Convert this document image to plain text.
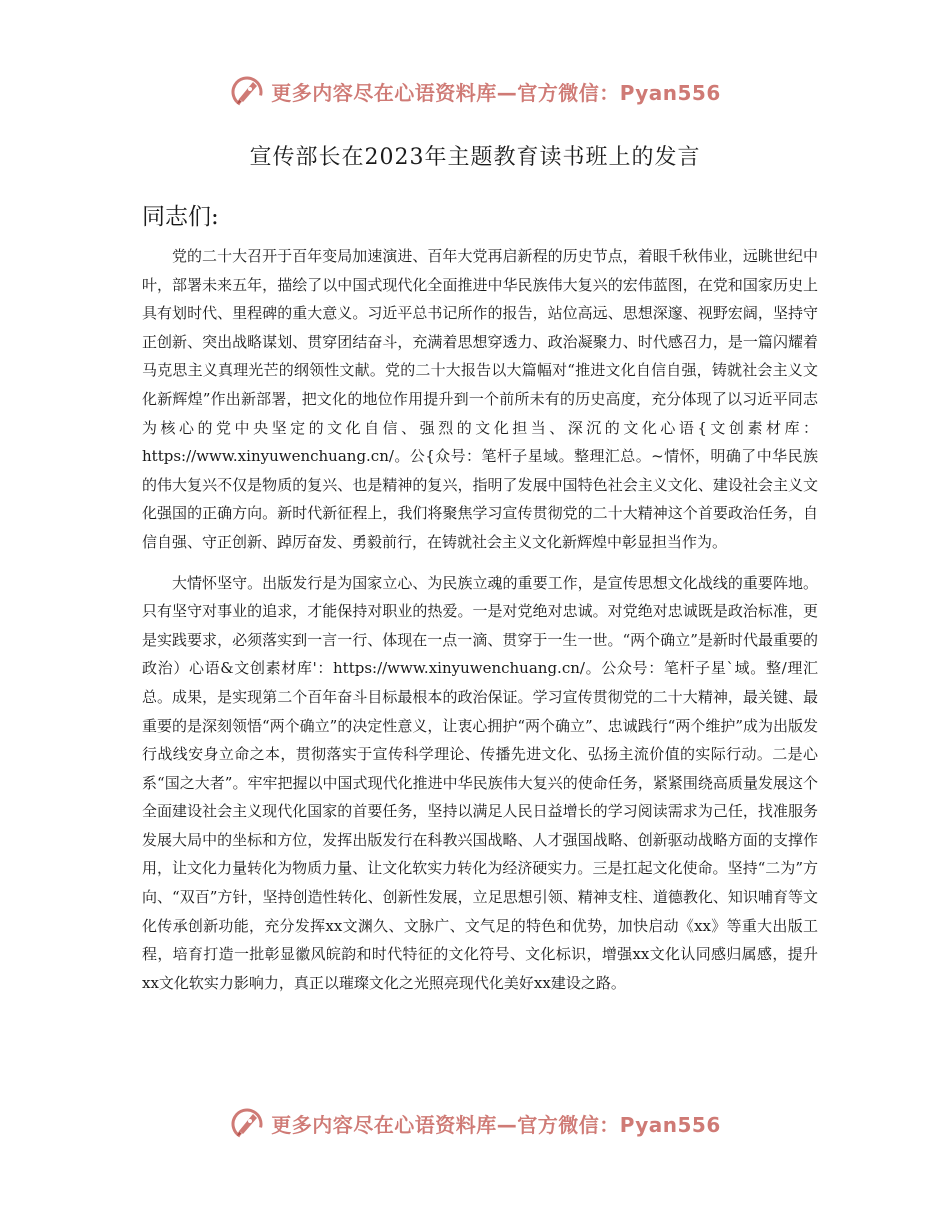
更多内容尽在心语资料库—官方微信：Pyan556
宣传部长在2023年主题教育读书班上的发言
同志们:

党的二十大召开于百年变局加速演进、百年大党再启新程的历史节点，着眼千秋伟业，远眺世纪中叶，部署未来五年，描绘了以中国式现代化全面推进中华民族伟大复兴的宏伟蓝图，在党和国家历史上具有划时代、里程碑的重大意义。习近平总书记所作的报告，站位高远、思想深邃、视野宏阔，坚持守正创新、突出战略谋划、贯穿团结奋斗，充满着思想穿透力、政治凝聚力、时代感召力，是一篇闪耀着马克思主义真理光芒的纲领性文献。党的二十大报告以大篇幅对“推进文化自信自强，铸就社会主义文化新辉煌”作出新部署，把文化的地位作用提升到一个前所未有的历史高度，充分体现了以习近平同志为核心的党中央坚定的文化自信、强烈的文化担当、深沉的文化心语{文创素材库：https://www.xinyuwenchuang.cn/。公{众号：笔杆子星域。整理汇总。~情怀，明确了中华民族的伟大复兴不仅是物质的复兴、也是精神的复兴，指明了发展中国特色社会主义文化、建设社会主义文化强国的正确方向。新时代新征程上，我们将聚焦学习宣传贯彻党的二十大精神这个首要政治任务，自信自强、守正创新、踔厉奋发、勇毅前行，在铸就社会主义文化新辉煌中彰显担当作为。

大情怀坚守。出版发行是为国家立心、为民族立魂的重要工作，是宣传思想文化战线的重要阵地。只有坚守对事业的追求，才能保持对职业的热爱。一是对党绝对忠诚。对党绝对忠诚既是政治标准，更是实践要求，必须落实到一言一行、体现在一点一滴、贯穿于一生一世。“两个确立”是新时代最重要的政治）心语&文创素材库'：https://www.xinyuwenchuang.cn/。公众号：笔杆子星`域。整/理汇总。成果，是实现第二个百年奋斗目标最根本的政治保证。学习宣传贯彻党的二十大精神，最关键、最重要的是深刻领悟“两个确立”的决定性意义，让衷心拥护“两个确立”、忠诚践行“两个维护”成为出版发行战线安身立命之本，贯彻落实于宣传科学理论、传播先进文化、弘扬主流价值的实际行动。二是心系“国之大者”。牢牢把握以中国式现代化推进中华民族伟大复兴的使命任务，紧紧围绕高质量发展这个全面建设社会主义现代化国家的首要任务，坚持以满足人民日益增长的学习阅读需求为己任，找准服务发展大局中的坐标和方位，发挥出版发行在科教兴国战略、人才强国战略、创新驱动战略方面的支撑作用，让文化力量转化为物质力量、让文化软实力转化为经济硬实力。三是扛起文化使命。坚持“二为”方向、“双百”方针，坚持创造性转化、创新性发展，立足思想引领、精神支柱、道德教化、知识哺育等文化传承创新功能，充分发挥xx文渊久、文脉广、文气足的特色和优势，加快启动《xx》等重大出版工程，培育打造一批彰显徽风皖韵和时代特征的文化符号、文化标识，增强xx文化认同感归属感，提升xx文化软实力影响力，真正以璀璨文化之光照亮现代化美好xx建设之路。

更多内容尽在心语资料库—官方微信：Pyan556
